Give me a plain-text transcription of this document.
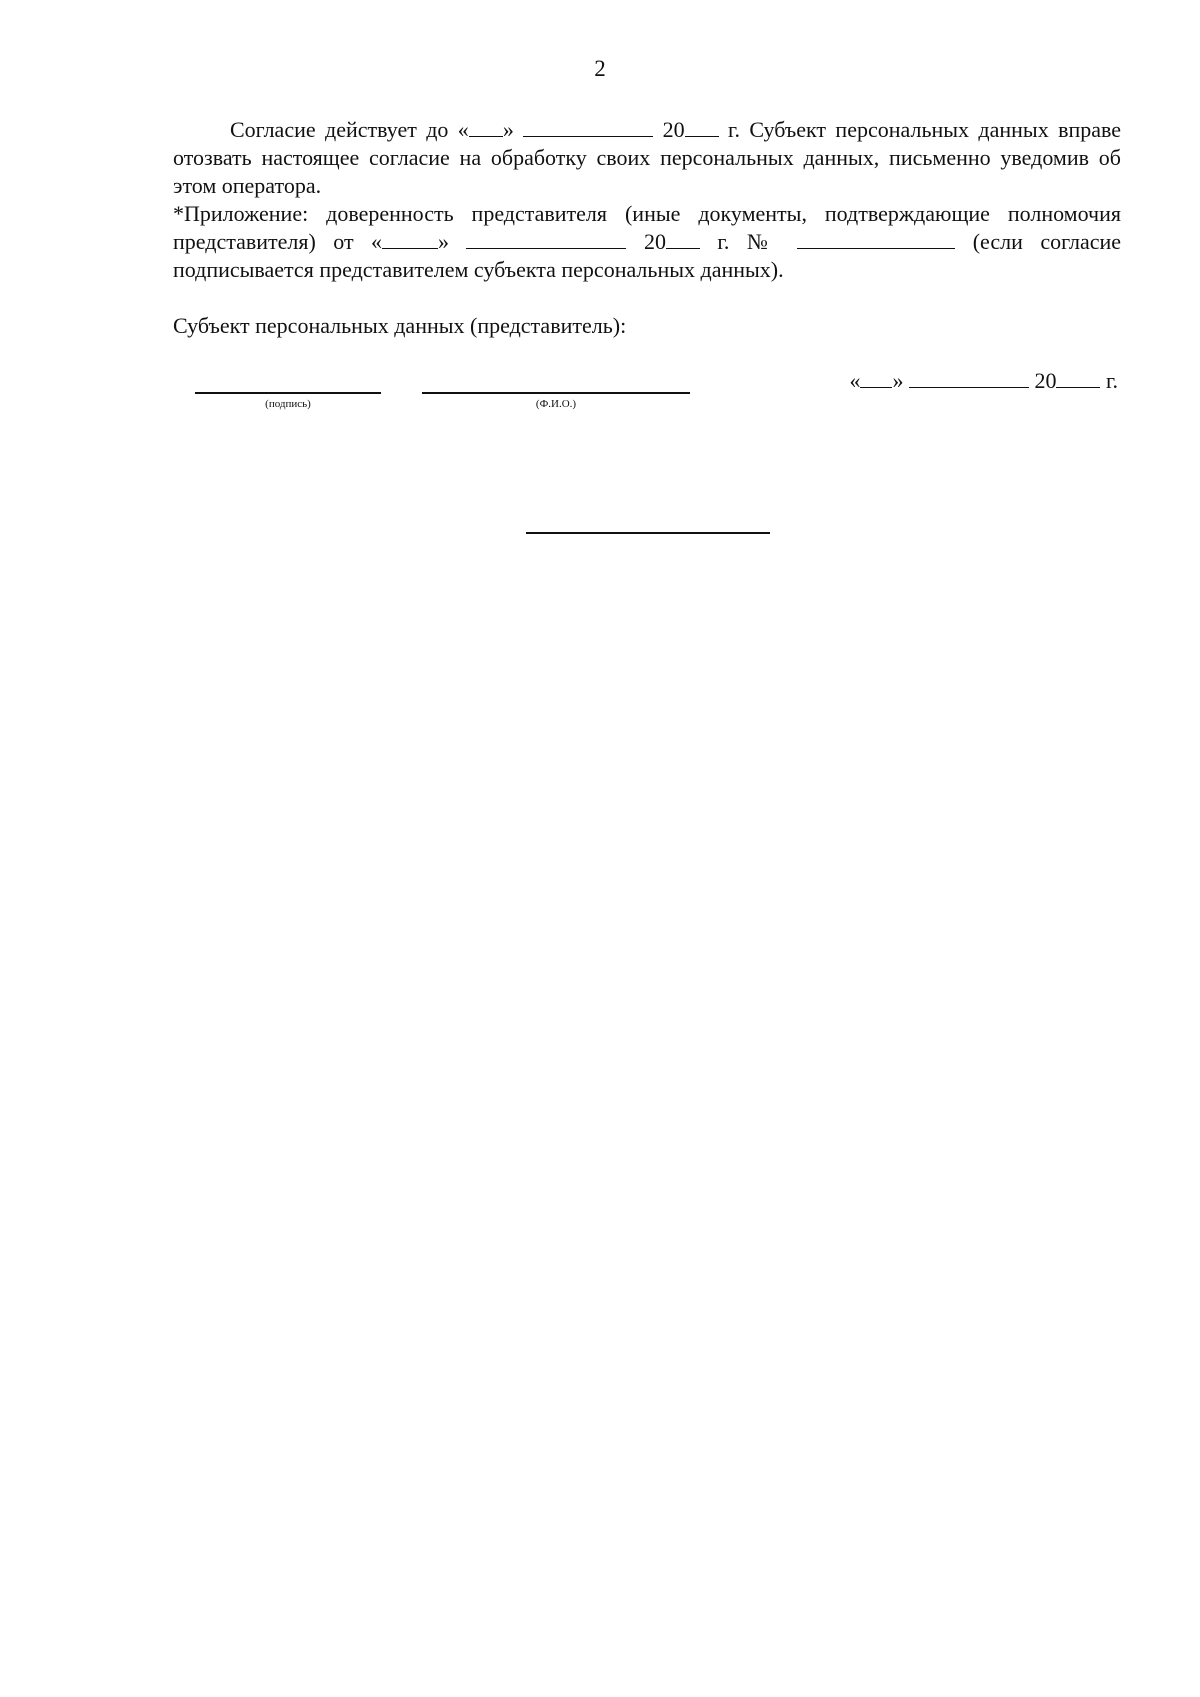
2

Согласие действует до « »	20 г. Субъект персональных данных вправе отозвать настоящее согласие на обработку своих персональных данных, письменно уведомив об этом оператора.

*Приложение: доверенность представителя (иные документы, подтверждающие полномочия представителя) от «	»	20 г. №	(если согласие подписывается представителем субъекта персональных данных).

Субъект персональных данных (представитель):

(подпись)	(Ф.И.О.)
« »	20 г.
